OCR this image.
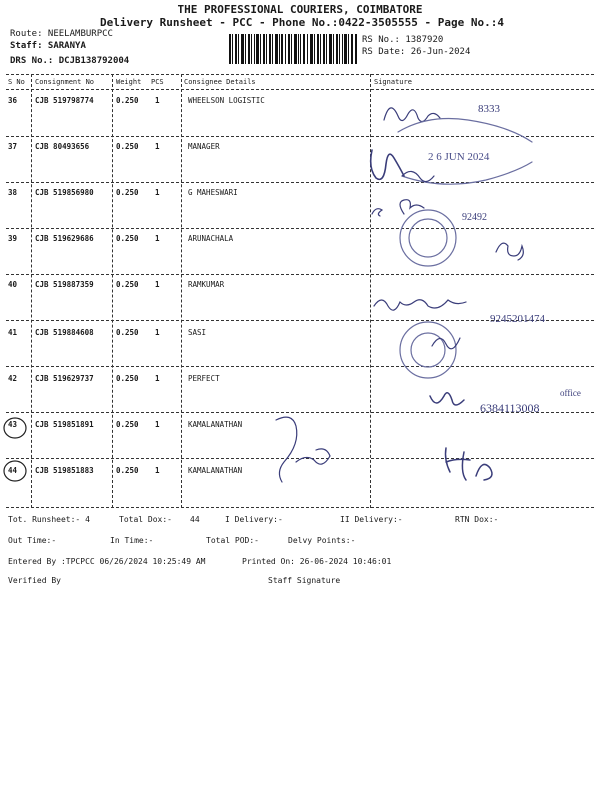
THE PROFESSIONAL COURIERS, COIMBATORE
Delivery Runsheet - PCC - Phone No.:0422-3505555 - Page No.:4
Route: NEELAMBURPCC
Staff: SARANYA
DRS No.: DCJB138792004
RS No.: 1387920
RS Date: 26-Jun-2024
S No Consignment No	Weight PCS	Consignee Details	Signature
36 CJB 519798774	0.250 1	WHEELSON LOGISTIC
37 CJB 80493656	0.250 1	MANAGER
38 CJB 519856980	0.250 1	G MAHESWARI
39 CJB 519629686	0.250 1	ARUNACHALA
40 CJB 519887359	0.250 1	RAMKUMAR
41 CJB 519884608	0.250 1	SASI
42 CJB 519629737	0.250 1	PERFECT
43 CJB 519851891	0.250 1	KAMALANATHAN
44 CJB 519851883	0.250 1	KAMALANATHAN
8333
2 6 JUN 2024
92492
9245201474
6384113008
office
Tot. Runsheet:- 4	Total Dox:- 44	I Delivery:-	II Delivery:-	RTN Dox:-
Out Time:-	In Time:-	Total POD:-	Delvy Points:-
Entered By :TPCPCC 06/26/2024 10:25:49 AM	Printed On: 26-06-2024 10:46:01
Verified By	Staff Signature
